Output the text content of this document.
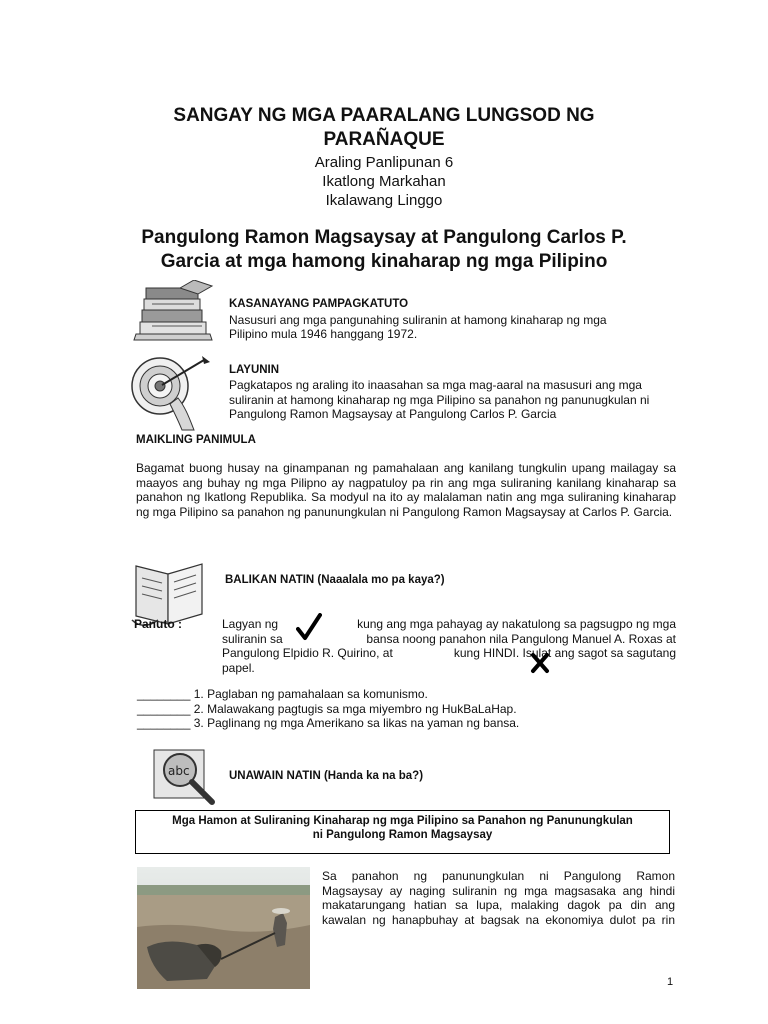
SANGAY NG MGA PAARALANG LUNGSOD NG
PARAÑAQUE
Araling Panlipunan 6
Ikatlong Markahan
Ikalawang Linggo
Pangulong Ramon Magsaysay at Pangulong Carlos P.
Garcia at mga hamong kinaharap ng mga Pilipino
KASANAYANG PAMPAGKATUTO
Nasusuri ang mga pangunahing suliranin at hamong kinaharap ng mga
Pilipino mula 1946 hanggang 1972.
LAYUNIN
Pagkatapos ng araling ito inaasahan sa mga mag-aaral na masusuri ang mga
suliranin at hamong kinaharap ng mga Pilipino sa panahon ng panunugkulan ni
Pangulong Ramon Magsaysay at Pangulong Carlos P. Garcia
MAIKLING PANIMULA
Bagamat buong husay na ginampanan ng pamahalaan ang kanilang tungkulin upang mailagay sa maayos ang buhay ng mga Pilipno ay nagpatuloy pa rin ang mga suliraning kanilang kinaharap sa panahon ng Ikatlong Republika. Sa modyul na ito ay malalaman natin ang mga suliraning kinaharap ng mga Pilipino sa panahon ng panunungkulan ni Pangulong Ramon Magsaysay at Carlos P. Garcia.
BALIKAN NATIN (Naaalala mo pa kaya?)
Panuto :	Lagyan ng	kung ang mga pahayag ay nakatulong sa pagsugpo ng mga
suliranin sa	bansa noong panahon nila Pangulong Manuel A. Roxas at
Pangulong Elpidio R. Quirino, at	kung HINDI. Isulat ang sagot sa sagutang
papel.
________ 1. Paglaban ng pamahalaan sa komunismo.
________ 2. Malawakang pagtugis sa mga miyembro ng HukBaLaHap.
________ 3. Paglinang ng mga Amerikano sa likas na yaman ng bansa.
abc	UNAWAIN NATIN (Handa ka na ba?)
Mga Hamon at Suliraning Kinaharap ng mga Pilipino sa Panahon ng Panunungkulan
ni Pangulong Ramon Magsaysay
Sa panahon ng panunungkulan ni Pangulong Ramon
Magsaysay ay naging suliranin ng mga magsasaka ang hindi
makatarungang hatian sa lupa, malaking dagok pa din ang
kawalan ng hanapbuhay at bagsak na ekonomiya dulot pa rin
1
